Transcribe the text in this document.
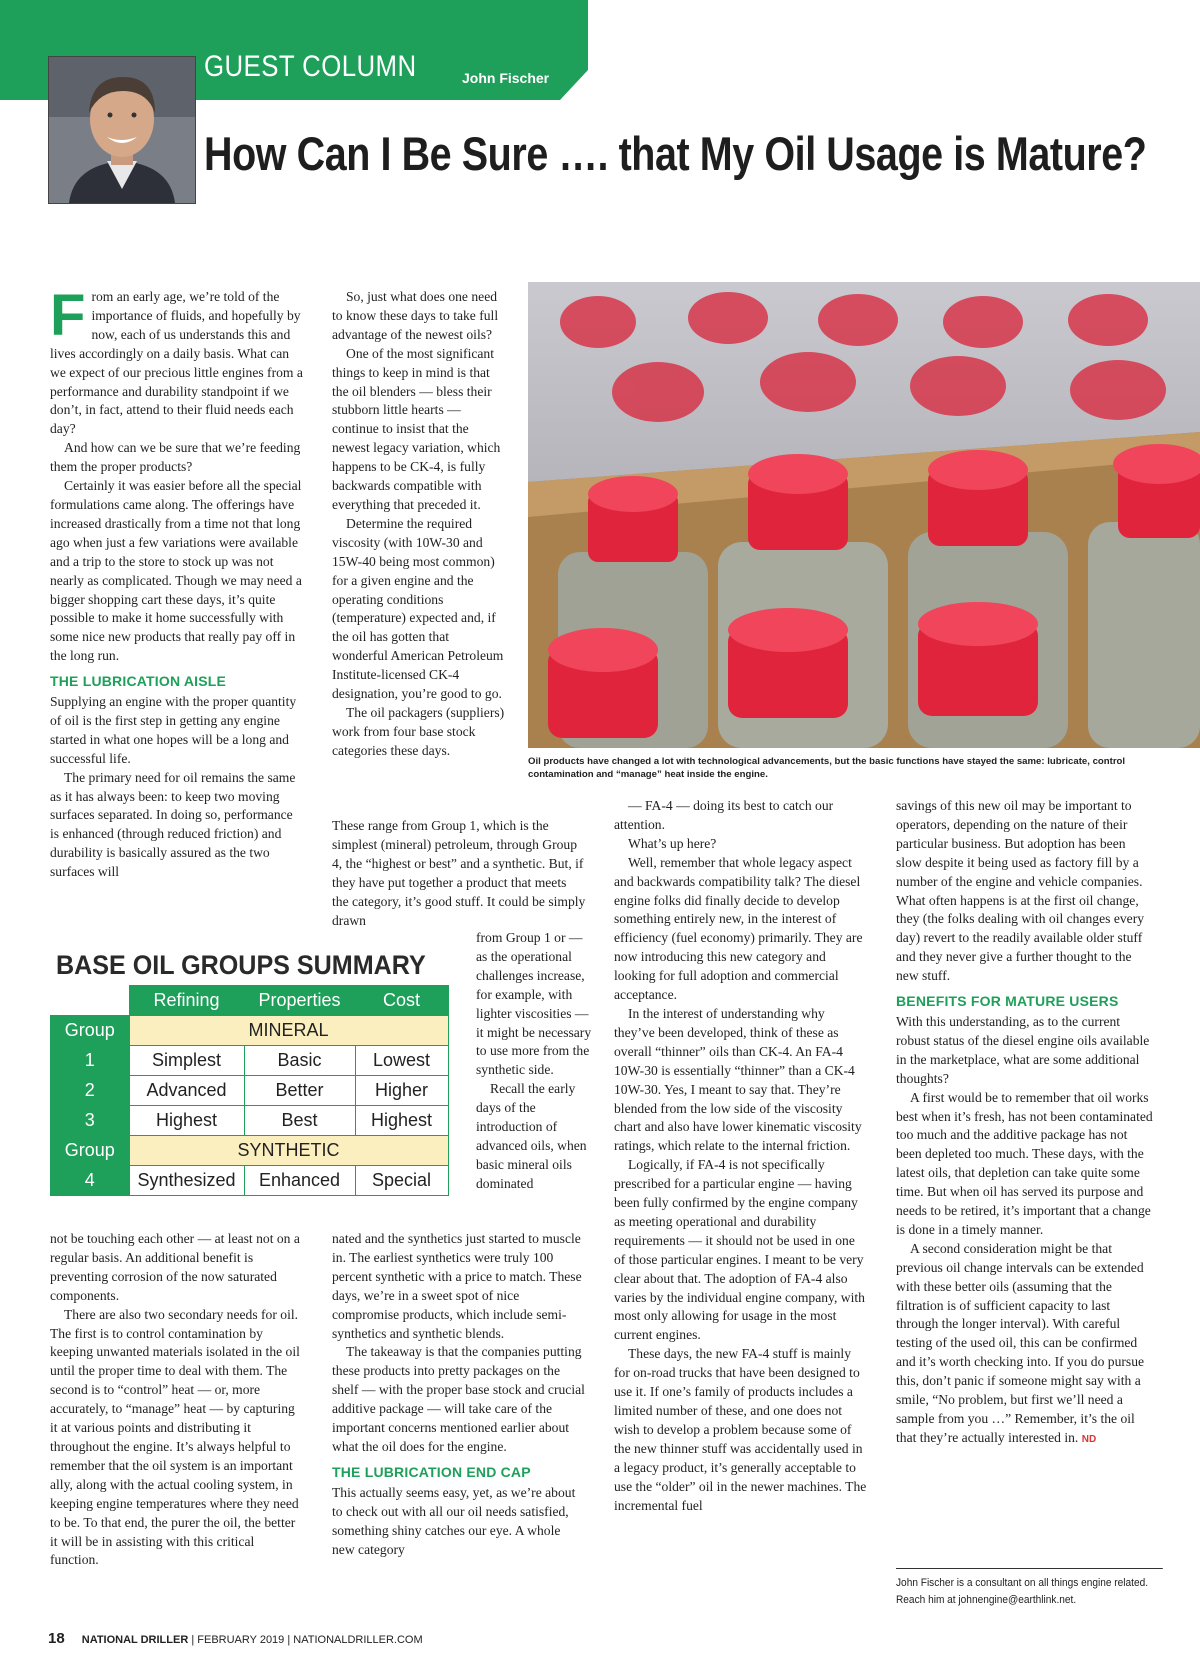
GUEST COLUMN	John Fischer
How Can I Be Sure …. that My Oil Usage is Mature?
F rom an early age, we’re told of the importance of fluids, and hopefully by now, each of us understands this and lives accordingly on a daily basis. What can we expect of our precious little engines from a performance and durability standpoint if we don’t, in fact, attend to their fluid needs each day?

And how can we be sure that we’re feeding them the proper products?

Certainly it was easier before all the special formulations came along. The offerings have increased drastically from a time not that long ago when just a few variations were available and a trip to the store to stock up was not nearly as complicated. Though we may need a bigger shopping cart these days, it’s quite possible to make it home successfully with some nice new products that really pay off in the long run.

THE LUBRICATION AISLE

Supplying an engine with the proper quantity of oil is the first step in getting any engine started in what one hopes will be a long and successful life.

The primary need for oil remains the same as it has always been: to keep two moving surfaces separated. In doing so, performance is enhanced (through reduced friction) and durability is basically assured as the two surfaces will

So, just what does one need to know these days to take full advantage of the newest oils?

One of the most significant things to keep in mind is that the oil blenders — bless their stubborn little hearts — continue to insist that the newest legacy variation, which happens to be CK-4, is fully backwards compatible with everything that preceded it.

Determine the required viscosity (with 10W-30 and 15W-40 being most common) for a given engine and the operating conditions (temperature) expected and, if the oil has gotten that wonderful American Petroleum Institute-licensed CK-4 designation, you’re good to go.

The oil packagers (suppliers) work from four base stock categories these days.

These range from Group 1, which is the simplest (mineral) petroleum, through Group 4, the “highest or best” and a synthetic. But, if they have put together a product that meets the category, it’s good stuff. It could be simply drawn

from Group 1 or — as the operational challenges increase, for example, with lighter viscosities — it might be necessary to use more from the synthetic side.

Recall the early days of the introduction of advanced oils, when basic mineral oils dominated

Oil products have changed a lot with technological advancements, but the basic functions have stayed the same: lubricate, control contamination and “manage” heat inside the engine.
BASE OIL GROUPS SUMMARY
	Refining	Properties	Cost
Group	MINERAL		
1	Simplest	Basic	Lowest
2	Advanced	Better	Higher
3	Highest	Best	Highest
Group	SYNTHETIC		
4	Synthesized	Enhanced	Special

not be touching each other — at least not on a regular basis. An additional benefit is preventing corrosion of the now saturated components.

There are also two secondary needs for oil. The first is to control contamination by keeping unwanted materials isolated in the oil until the proper time to deal with them. The second is to “control” heat — or, more accurately, to “manage” heat — by capturing it at various points and distributing it throughout the engine. It’s always helpful to remember that the oil system is an important ally, along with the actual cooling system, in keeping engine temperatures where they need to be. To that end, the purer the oil, the better it will be in assisting with this critical function.

nated and the synthetics just started to muscle in. The earliest synthetics were truly 100 percent synthetic with a price to match. These days, we’re in a sweet spot of nice compromise products, which include semi-synthetics and synthetic blends.

The takeaway is that the companies putting these products into pretty packages on the shelf — with the proper base stock and crucial additive package — will take care of the important concerns mentioned earlier about what the oil does for the engine.

THE LUBRICATION END CAP

This actually seems easy, yet, as we’re about to check out with all our oil needs satisfied, something shiny catches our eye. A whole new category

— FA-4 — doing its best to catch our attention.

What’s up here?

Well, remember that whole legacy aspect and backwards compatibility talk? The diesel engine folks did finally decide to develop something entirely new, in the interest of efficiency (fuel economy) primarily. They are now introducing this new category and looking for full adoption and commercial acceptance.

In the interest of understanding why they’ve been developed, think of these as overall “thinner” oils than CK-4. An FA-4 10W-30 is essentially “thinner” than a CK-4 10W-30. Yes, I meant to say that. They’re blended from the low side of the viscosity chart and also have lower kinematic viscosity ratings, which relate to the internal friction.

Logically, if FA-4 is not specifically prescribed for a particular engine — having been fully confirmed by the engine company as meeting operational and durability requirements — it should not be used in one of those particular engines. I meant to be very clear about that. The adoption of FA-4 also varies by the individual engine company, with most only allowing for usage in the most current engines.

These days, the new FA-4 stuff is mainly for on-road trucks that have been designed to use it. If one’s family of products includes a limited number of these, and one does not wish to develop a problem because some of the new thinner stuff was accidentally used in a legacy product, it’s generally acceptable to use the “older” oil in the newer machines. The incremental fuel

savings of this new oil may be important to operators, depending on the nature of their particular business. But adoption has been slow despite it being used as factory fill by a number of the engine and vehicle companies. What often happens is at the first oil change, they (the folks dealing with oil changes every day) revert to the readily available older stuff and they never give a further thought to the new stuff.

BENEFITS FOR MATURE USERS

With this understanding, as to the current robust status of the diesel engine oils available in the marketplace, what are some additional thoughts?

A first would be to remember that oil works best when it’s fresh, has not been contaminated too much and the additive package has not been depleted too much. These days, with the latest oils, that depletion can take quite some time. But when oil has served its purpose and needs to be retired, it’s important that a change is done in a timely manner.

A second consideration might be that previous oil change intervals can be extended with these better oils (assuming that the filtration is of sufficient capacity to last through the longer interval). With careful testing of the used oil, this can be confirmed and it’s worth checking into. If you do pursue this, don’t panic if someone might say with a smile, “No problem, but first we’ll need a sample from you …” Remember, it’s the oil that they’re actually interested in. ND

John Fischer is a consultant on all things engine related. Reach him at johnengine@earthlink.net.
18 NATIONAL DRILLER | FEBRUARY 2019 | NATIONALDRILLER.COM
